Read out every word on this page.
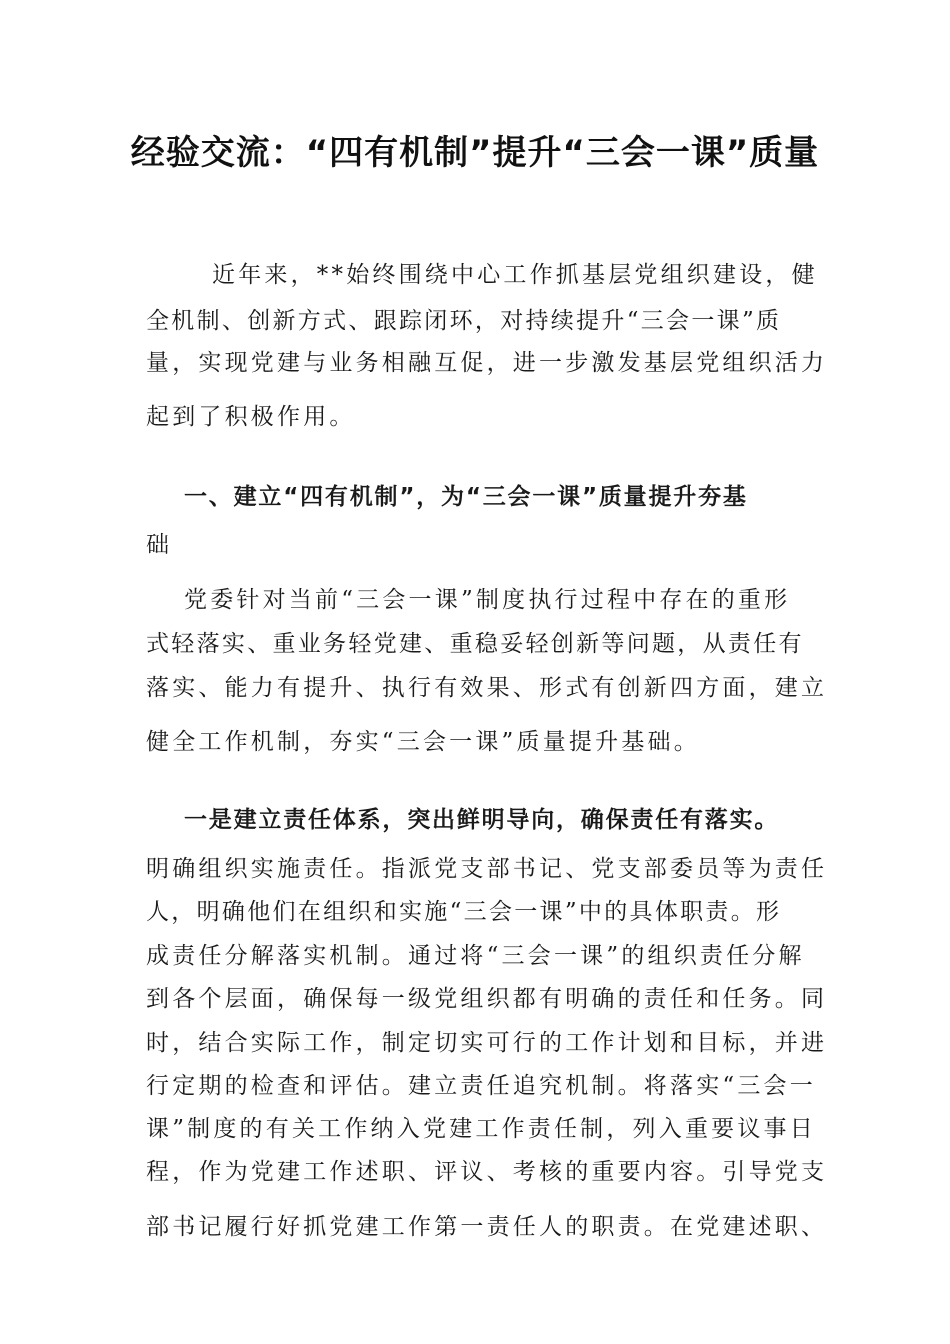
经验交流：“四有机制”提升“三会一课”质量
近年来，**始终围绕中心工作抓基层党组织建设，健
全机制、创新方式、跟踪闭环，对持续提升“三会一课”质
量，实现党建与业务相融互促，进一步激发基层党组织活力
起到了积极作用。
一、建立“四有机制”，为“三会一课”质量提升夯基
础
党委针对当前“三会一课”制度执行过程中存在的重形
式轻落实、重业务轻党建、重稳妥轻创新等问题，从责任有
落实、能力有提升、执行有效果、形式有创新四方面，建立
健全工作机制，夯实“三会一课”质量提升基础。
一是建立责任体系，突出鲜明导向，确保责任有落实。
明确组织实施责任。指派党支部书记、党支部委员等为责任
人，明确他们在组织和实施“三会一课”中的具体职责。形
成责任分解落实机制。通过将“三会一课”的组织责任分解
到各个层面，确保每一级党组织都有明确的责任和任务。同
时，结合实际工作，制定切实可行的工作计划和目标，并进
行定期的检查和评估。建立责任追究机制。将落实“三会一
课”制度的有关工作纳入党建工作责任制，列入重要议事日
程，作为党建工作述职、评议、考核的重要内容。引导党支
部书记履行好抓党建工作第一责任人的职责。在党建述职、
